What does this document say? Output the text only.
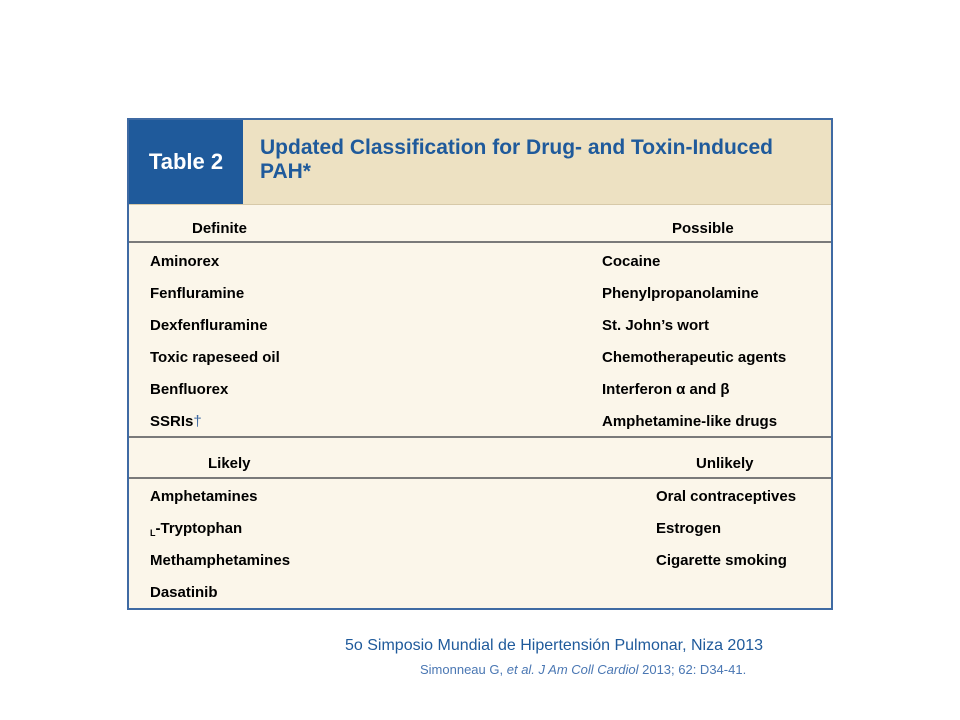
Table 2
Updated Classification for Drug- and Toxin-Induced PAH*
Definite	Possible
Aminorex	Cocaine
Fenfluramine	Phenylpropanolamine
Dexfenfluramine	St. John’s wort
Toxic rapeseed oil	Chemotherapeutic agents
Benfluorex	Interferon α and β
SSRIs†	Amphetamine-like drugs
Likely	Unlikely
Amphetamines	Oral contraceptives
$_L$-Tryptophan	Estrogen
Methamphetamines	Cigarette smoking
Dasatinib
5o Simposio Mundial de Hipertensión Pulmonar, Niza 2013
Simonneau G, et al. J Am Coll Cardiol 2013; 62: D34-41.
